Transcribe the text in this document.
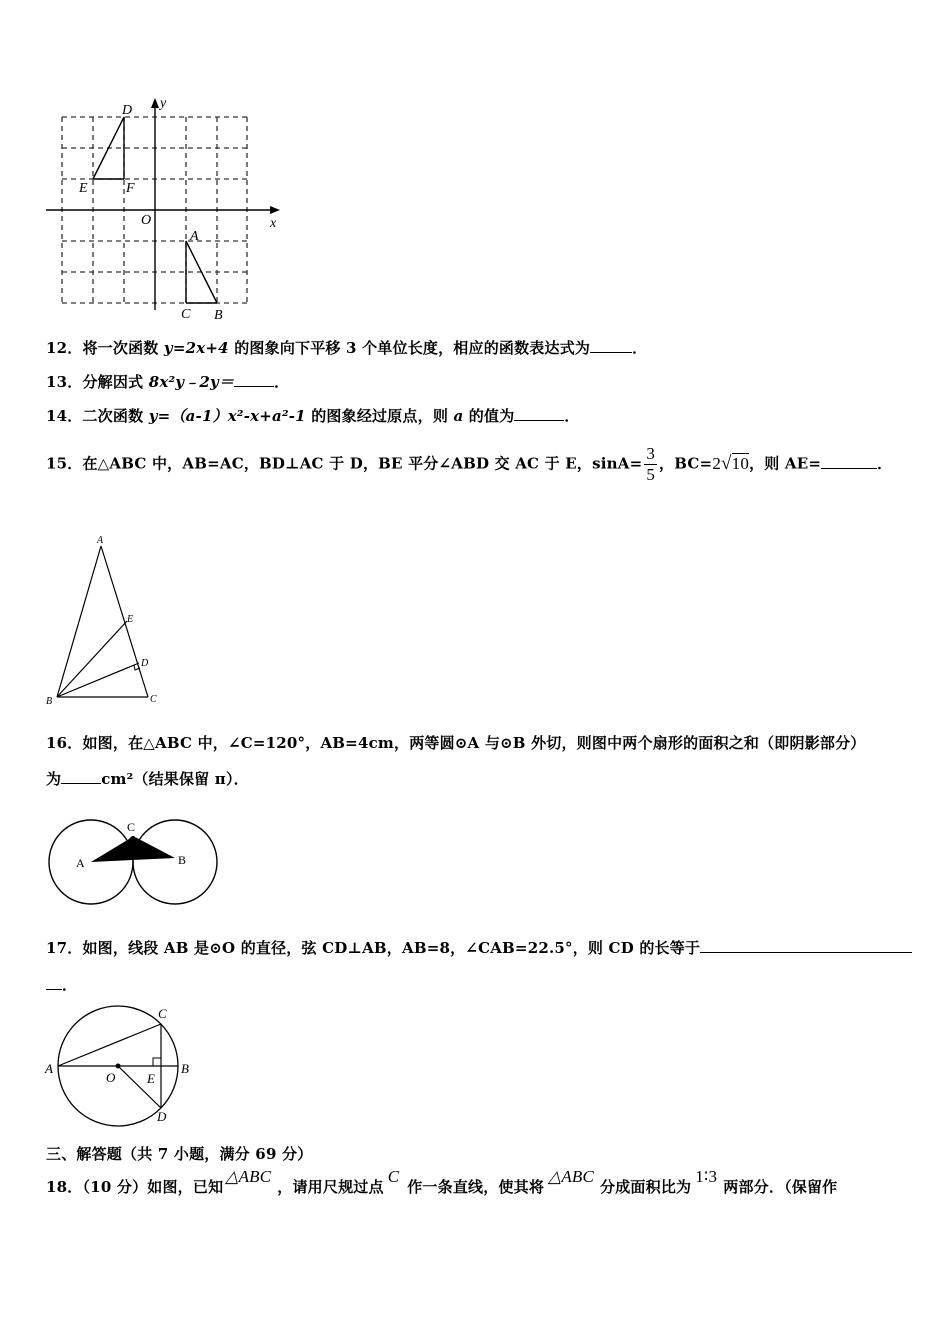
D y
E	F
O	x
A
C B
12．将一次函数 y=2x+4 的图象向下平移 3 个单位长度，相应的函数表达式为	．
13．分解因式 8x²y﹣2y＝	．
14．二次函数 y=（a-1）x²-x+a²-1 的图象经过原点，则 a 的值为	．
15．在△ABC 中，AB=AC，BD⊥AC 于 D，BE 平分∠ABD 交 AC 于 E，$\sin A= \frac{3}{5}$ ，BC=2√10，则 AE=	．
A
E
D
B	C
16．如图，在△ABC 中，∠C=120°，AB=4cm，两等圆⊙A 与⊙B 外切，则图中两个扇形的面积之和（即阴影部分）
为	cm²（结果保留 π）．
A	B
C
17．如图，线段 AB 是⊙O 的直径，弦 CD⊥AB，AB=8，∠CAB=22.5°，则 CD 的长等于
．
A	B
C
D
O E
三、解答题（共 7 小题，满分 69 分）
18．（10 分）如图，已知△ABC，请用尺规过点C作一条直线，使其将△ABC分成面积比为1∶3两部分．（保留作
